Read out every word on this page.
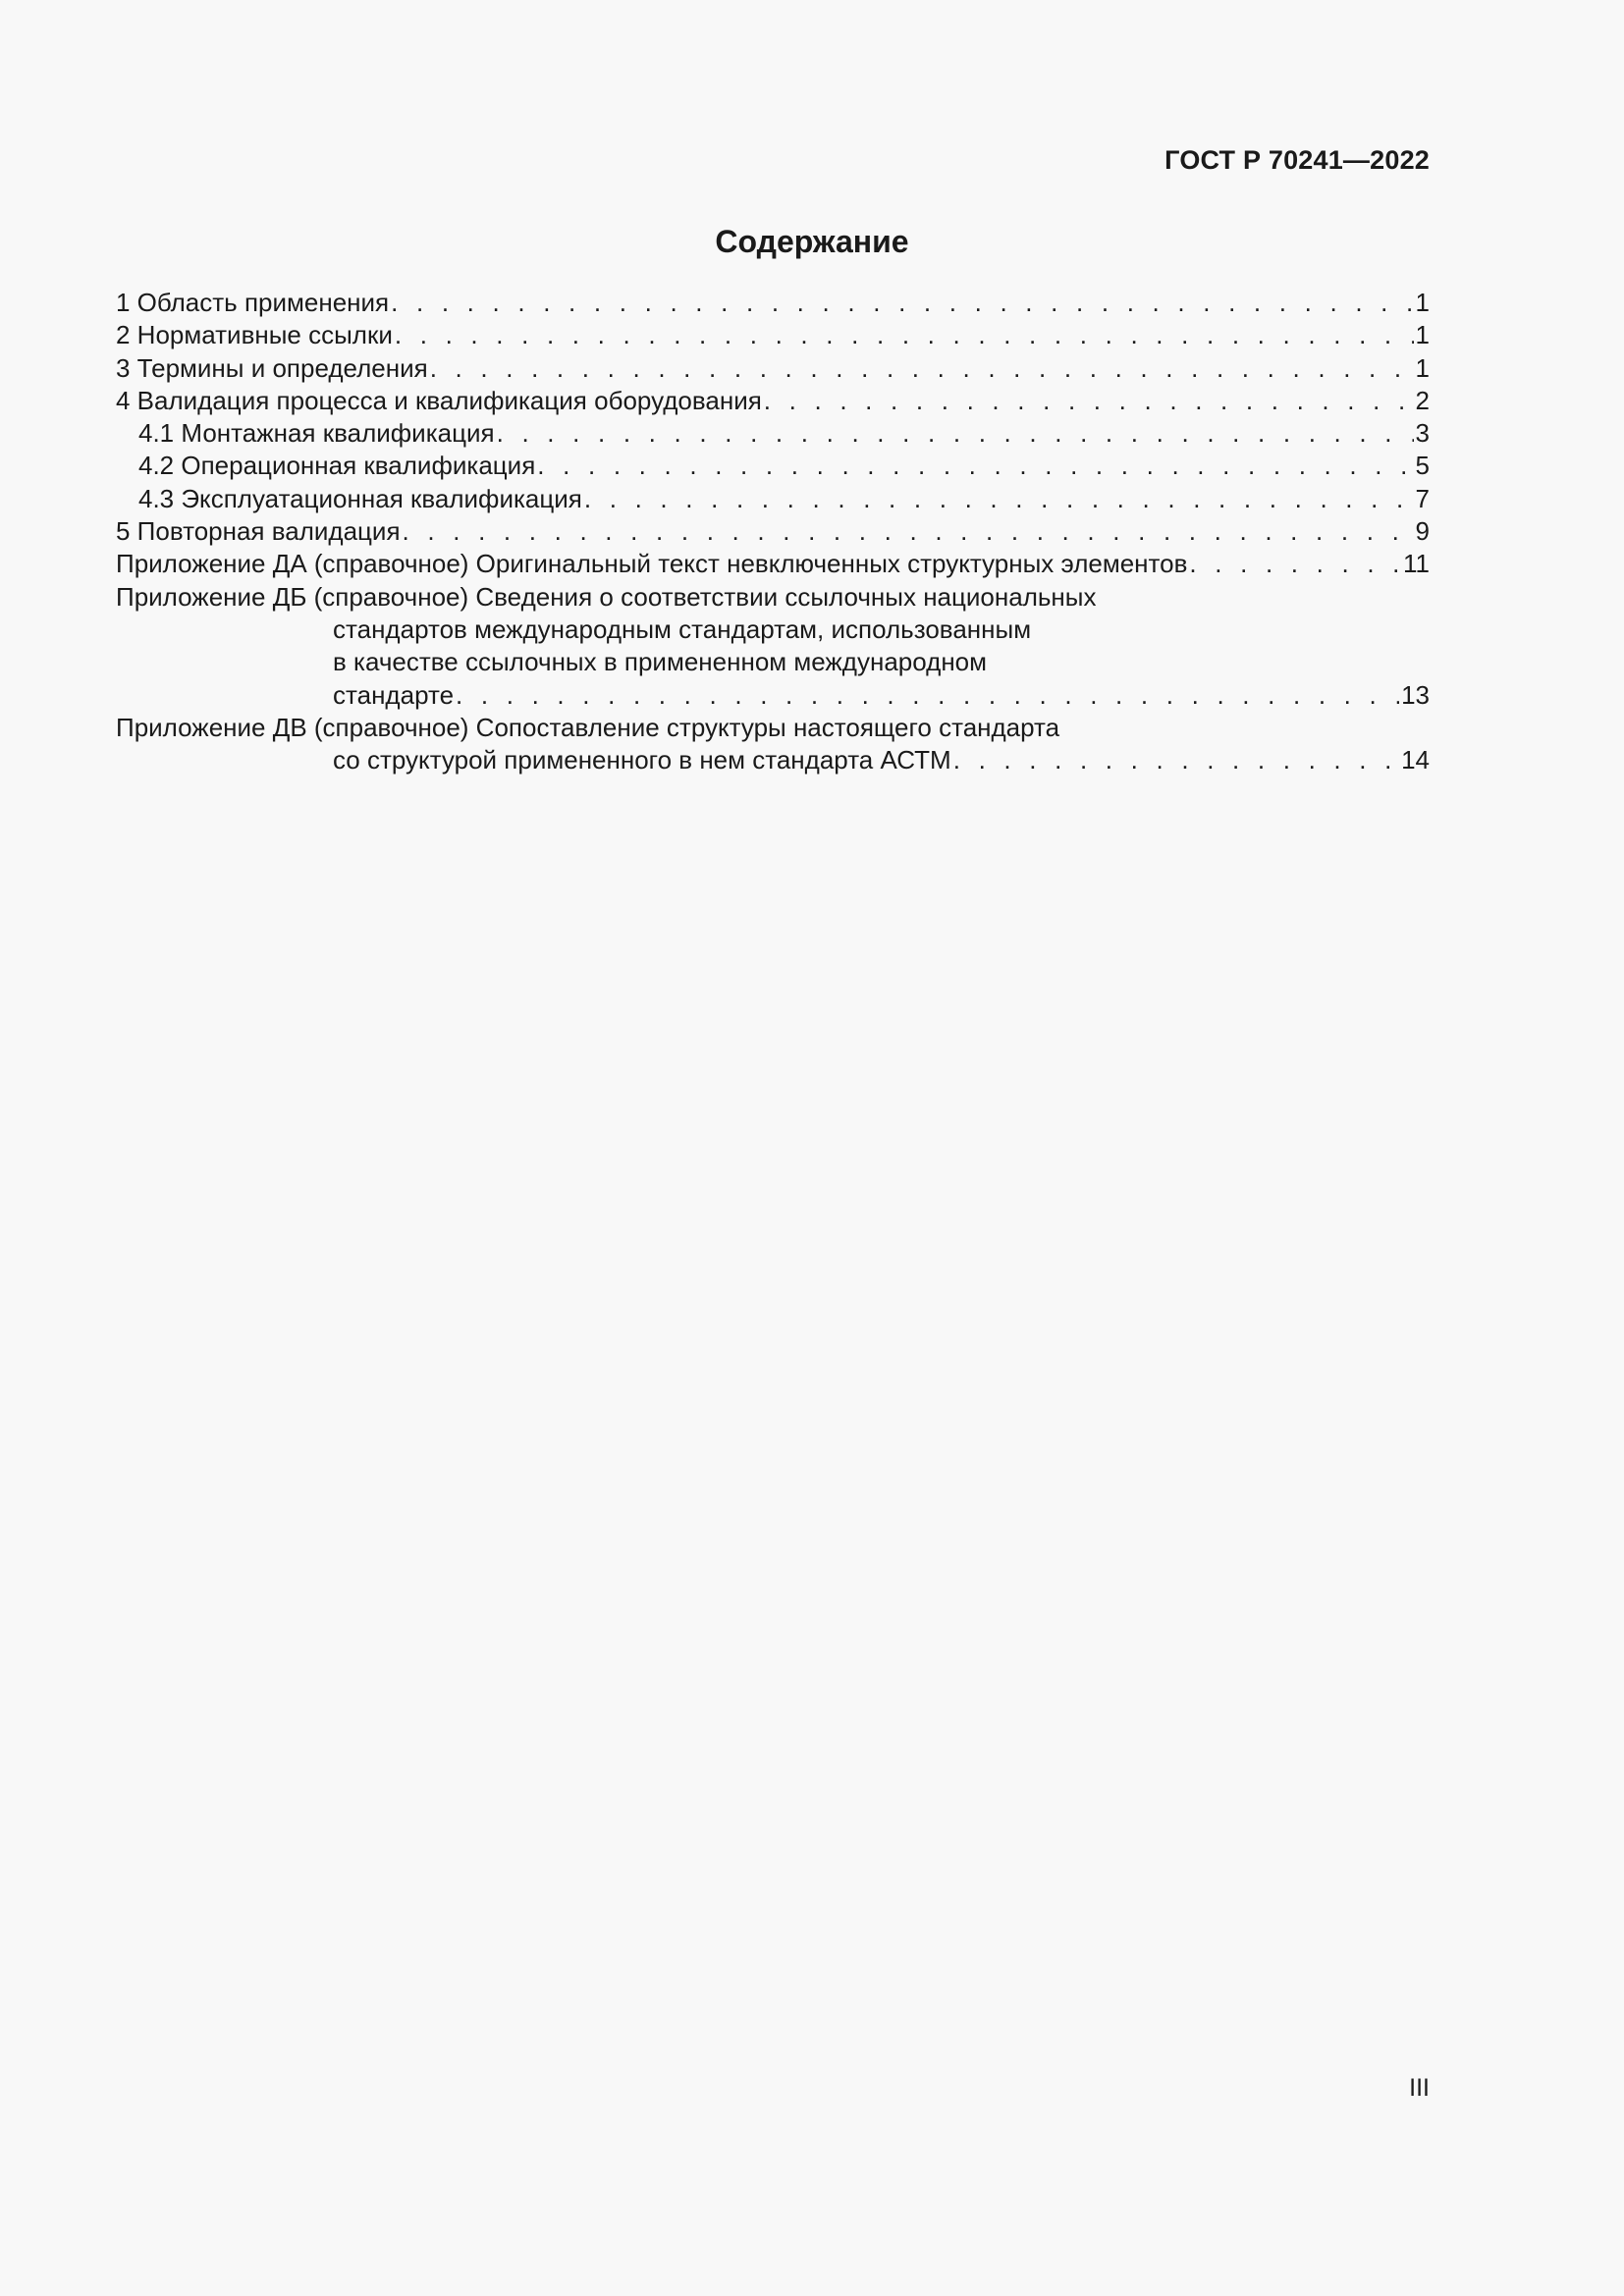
ГОСТ Р 70241—2022
Содержание
1 Область применения . . .	1
2 Нормативные ссылки . . .	1
3 Термины и определения . . .	1
4 Валидация процесса и квалификация оборудования . . .	2
4.1 Монтажная квалификация . . .	3
4.2 Операционная квалификация . . .	5
4.3 Эксплуатационная квалификация . . .	7
5 Повторная валидация . . .	9
Приложение ДА (справочное) Оригинальный текст невключенных структурных элементов . . .	11
Приложение ДБ (справочное) Сведения о соответствии ссылочных национальных
стандартов международным стандартам, использованным
в качестве ссылочных в примененном международном
стандарте . . .	13
Приложение ДВ (справочное) Сопоставление структуры настоящего стандарта
со структурой примененного в нем стандарта АСТМ . . .	14
III
